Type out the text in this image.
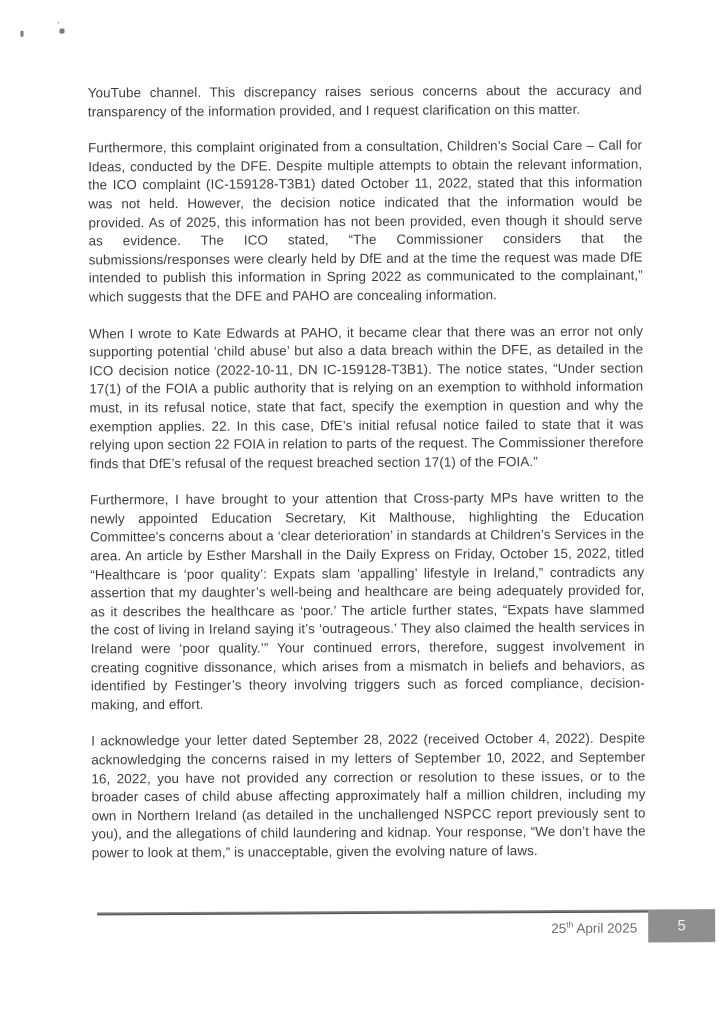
YouTube channel. This discrepancy raises serious concerns about the accuracy and transparency of the information provided, and I request clarification on this matter.

Furthermore, this complaint originated from a consultation, Children’s Social Care – Call for Ideas, conducted by the DFE. Despite multiple attempts to obtain the relevant information, the ICO complaint (IC-159128-T3B1) dated October 11, 2022, stated that this information was not held. However, the decision notice indicated that the information would be provided. As of 2025, this information has not been provided, even though it should serve as evidence. The ICO stated, “The Commissioner considers that the submissions/responses were clearly held by DfE and at the time the request was made DfE intended to publish this information in Spring 2022 as communicated to the complainant,” which suggests that the DFE and PAHO are concealing information.

When I wrote to Kate Edwards at PAHO, it became clear that there was an error not only supporting potential ‘child abuse’ but also a data breach within the DFE, as detailed in the ICO decision notice (2022-10-11, DN IC-159128-T3B1). The notice states, “Under section 17(1) of the FOIA a public authority that is relying on an exemption to withhold information must, in its refusal notice, state that fact, specify the exemption in question and why the exemption applies. 22. In this case, DfE’s initial refusal notice failed to state that it was relying upon section 22 FOIA in relation to parts of the request. The Commissioner therefore finds that DfE’s refusal of the request breached section 17(1) of the FOIA.”

Furthermore, I have brought to your attention that Cross-party MPs have written to the newly appointed Education Secretary, Kit Malthouse, highlighting the Education Committee's concerns about a ‘clear deterioration’ in standards at Children’s Services in the area. An article by Esther Marshall in the Daily Express on Friday, October 15, 2022, titled “Healthcare is ‘poor quality’: Expats slam ‘appalling’ lifestyle in Ireland,” contradicts any assertion that my daughter’s well-being and healthcare are being adequately provided for, as it describes the healthcare as ‘poor.’ The article further states, “Expats have slammed the cost of living in Ireland saying it’s ‘outrageous.’ They also claimed the health services in Ireland were ‘poor quality.’” Your continued errors, therefore, suggest involvement in creating cognitive dissonance, which arises from a mismatch in beliefs and behaviors, as identified by Festinger’s theory involving triggers such as forced compliance, decision-making, and effort.

I acknowledge your letter dated September 28, 2022 (received October 4, 2022). Despite acknowledging the concerns raised in my letters of September 10, 2022, and September 16, 2022, you have not provided any correction or resolution to these issues, or to the broader cases of child abuse affecting approximately half a million children, including my own in Northern Ireland (as detailed in the unchallenged NSPCC report previously sent to you), and the allegations of child laundering and kidnap. Your response, “We don’t have the power to look at them,” is unacceptable, given the evolving nature of laws.

25th April 2025	5
